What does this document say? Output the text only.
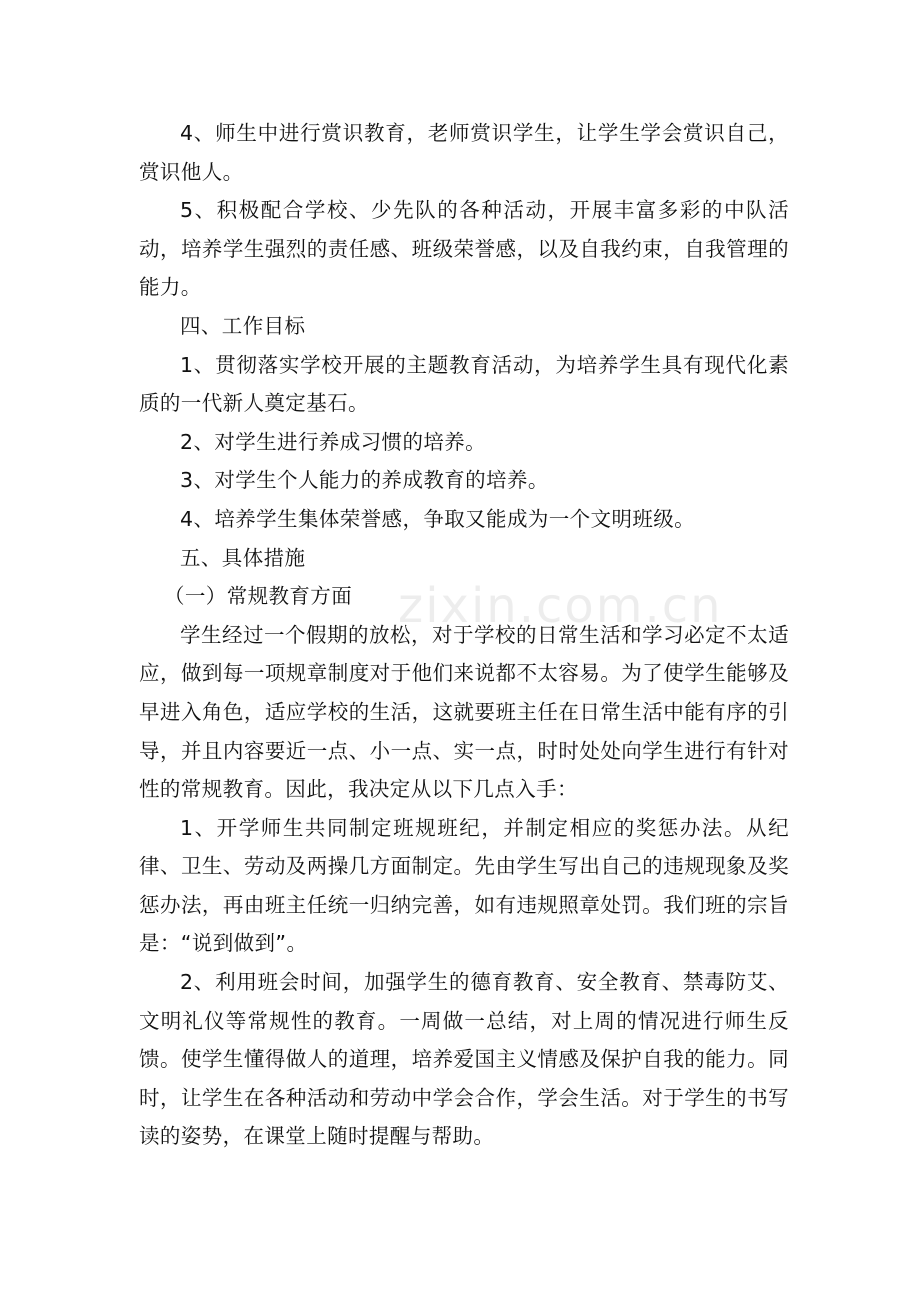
4、师生中进行赏识教育，老师赏识学生，让学生学会赏识自己，赏识他人。

5、积极配合学校、少先队的各种活动，开展丰富多彩的中队活动，培养学生强烈的责任感、班级荣誉感，以及自我约束，自我管理的能力。

四、工作目标

1、贯彻落实学校开展的主题教育活动，为培养学生具有现代化素质的一代新人奠定基石。

2、对学生进行养成习惯的培养。

3、对学生个人能力的养成教育的培养。

4、培养学生集体荣誉感，争取又能成为一个文明班级。

五、具体措施

（一）常规教育方面

学生经过一个假期的放松，对于学校的日常生活和学习必定不太适应，做到每一项规章制度对于他们来说都不太容易。为了使学生能够及早进入角色，适应学校的生活，这就要班主任在日常生活中能有序的引导，并且内容要近一点、小一点、实一点，时时处处向学生进行有针对性的常规教育。因此，我决定从以下几点入手：

1、开学师生共同制定班规班纪，并制定相应的奖惩办法。从纪律、卫生、劳动及两操几方面制定。先由学生写出自己的违规现象及奖惩办法，再由班主任统一归纳完善，如有违规照章处罚。我们班的宗旨是：“说到做到”。

2、利用班会时间，加强学生的德育教育、安全教育、禁毒防艾、文明礼仪等常规性的教育。一周做一总结，对上周的情况进行师生反馈。使学生懂得做人的道理，培养爱国主义情感及保护自我的能力。同时，让学生在各种活动和劳动中学会合作，学会生活。对于学生的书写读的姿势，在课堂上随时提醒与帮助。

zixin.com.cn
